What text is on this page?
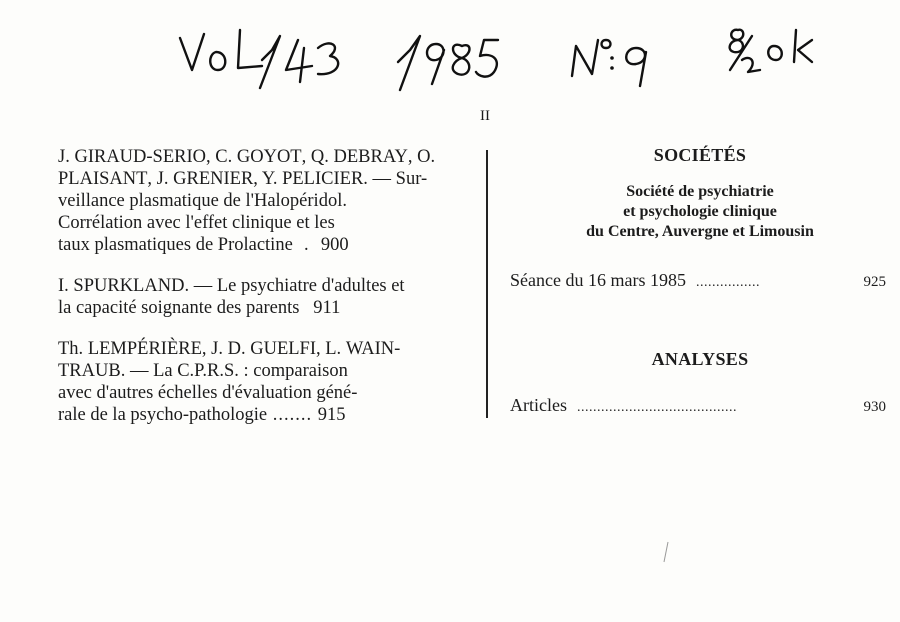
II
J. GIRAUD-SERIO, C. GOYOT, Q. DEBRAY, O.
PLAISANT, J. GRENIER, Y. PELICIER. — Sur-
veillance plasmatique de l'Halopéridol.
Corrélation avec l'effet clinique et les
taux plasmatiques de Prolactine  .  900
I. SPURKLAND. — Le psychiatre d'adultes et
la capacité soignante des parents 911
Th. LEMPÉRIÈRE, J. D. GUELFI, L. WAIN-
TRAUB. — La C.P.R.S. : comparaison
avec d'autres échelles d'évaluation géné-
rale de la psycho-pathologie ....... 915
SOCIÉTÉS
Société de psychiatrie
et psychologie clinique
du Centre, Auvergne et Limousin
Séance du 16 mars 1985 ................	925
ANALYSES
Articles ........................................	930
